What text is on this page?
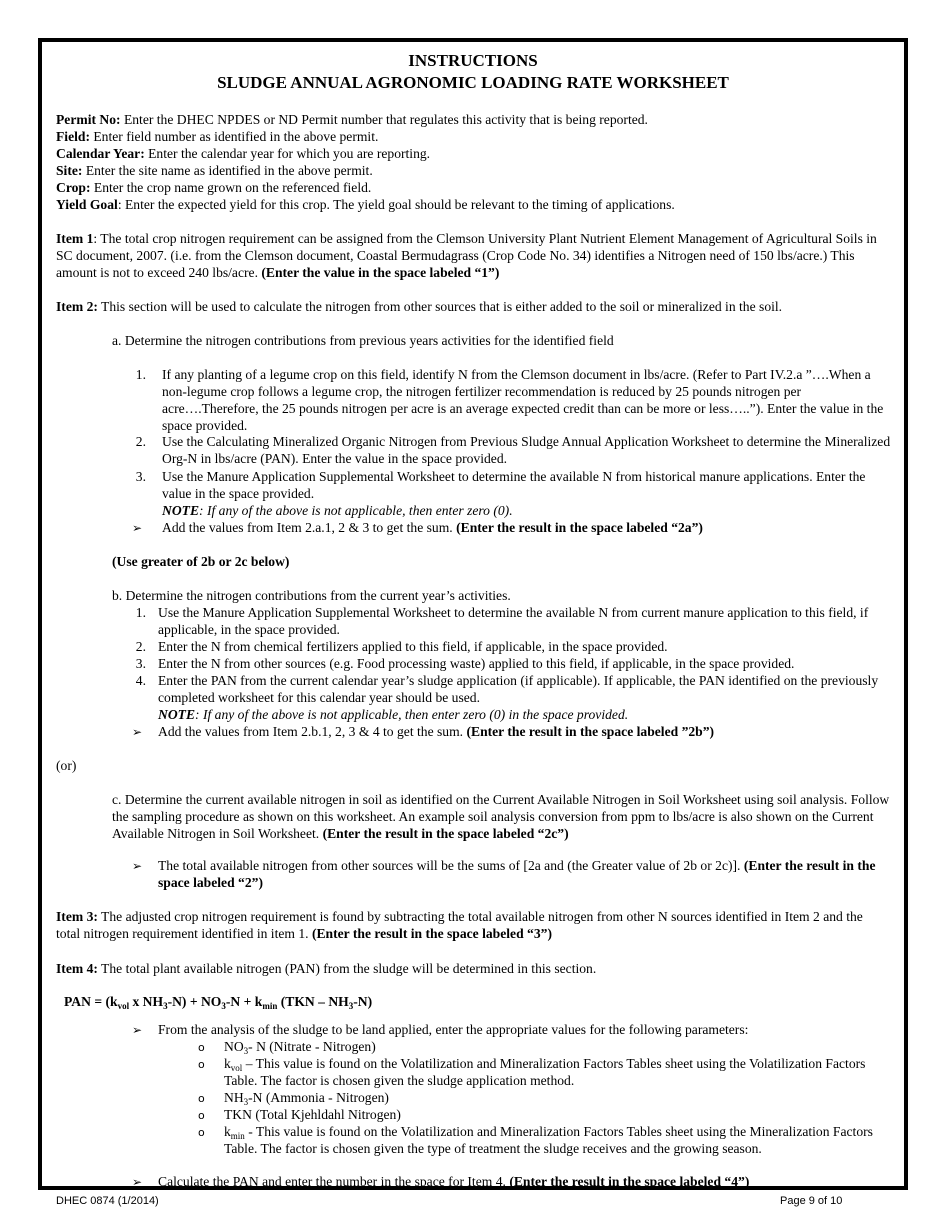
INSTRUCTIONS

SLUDGE ANNUAL AGRONOMIC LOADING RATE WORKSHEET

Permit No: Enter the DHEC NPDES or ND Permit number that regulates this activity that is being reported.

Field: Enter field number as identified in the above permit.

Calendar Year: Enter the calendar year for which you are reporting.

Site: Enter the site name as identified in the above permit.

Crop: Enter the crop name grown on the referenced field.

Yield Goal: Enter the expected yield for this crop. The yield goal should be relevant to the timing of applications.

Item 1: The total crop nitrogen requirement can be assigned from the Clemson University Plant Nutrient Element Management of Agricultural Soils in SC document, 2007. (i.e. from the Clemson document, Coastal Bermudagrass (Crop Code No. 34) identifies a Nitrogen need of 150 lbs/acre.) This amount is not to exceed 240 lbs/acre. (Enter the value in the space labeled “1”)

Item 2: This section will be used to calculate the nitrogen from other sources that is either added to the soil or mineralized in the soil.

a. Determine the nitrogen contributions from previous years activities for the identified field

1. If any planting of a legume crop on this field, identify N from the Clemson document in lbs/acre. (Refer to Part IV.2.a ”….When a non-legume crop follows a legume crop, the nitrogen fertilizer recommendation is reduced by 25 pounds nitrogen per acre….Therefore, the 25 pounds nitrogen per acre is an average expected credit than can be more or less…..”). Enter the value in the space provided.

2. Use the Calculating Mineralized Organic Nitrogen from Previous Sludge Annual Application Worksheet to determine the Mineralized Org-N in lbs/acre (PAN). Enter the value in the space provided.

3. Use the Manure Application Supplemental Worksheet to determine the available N from historical manure applications. Enter the value in the space provided.

NOTE: If any of the above is not applicable, then enter zero (0).

➢ Add the values from Item 2.a.1, 2 & 3 to get the sum. (Enter the result in the space labeled “2a”)

(Use greater of 2b or 2c below)

b. Determine the nitrogen contributions from the current year’s activities.

1. Use the Manure Application Supplemental Worksheet to determine the available N from current manure application to this field, if applicable, in the space provided.

2. Enter the N from chemical fertilizers applied to this field, if applicable, in the space provided.

3. Enter the N from other sources (e.g. Food processing waste) applied to this field, if applicable, in the space provided.

4. Enter the PAN from the current calendar year’s sludge application (if applicable). If applicable, the PAN identified on the previously completed worksheet for this calendar year should be used.

NOTE: If any of the above is not applicable, then enter zero (0) in the space provided.

➢ Add the values from Item 2.b.1, 2, 3 & 4 to get the sum. (Enter the result in the space labeled ”2b”)

(or)

c. Determine the current available nitrogen in soil as identified on the Current Available Nitrogen in Soil Worksheet using soil analysis. Follow the sampling procedure as shown on this worksheet. An example soil analysis conversion from ppm to lbs/acre is also shown on the Current Available Nitrogen in Soil Worksheet. (Enter the result in the space labeled “2c”)

➢ The total available nitrogen from other sources will be the sums of [2a and (the Greater value of 2b or 2c)]. (Enter the result in the space labeled “2”)

Item 3: The adjusted crop nitrogen requirement is found by subtracting the total available nitrogen from other N sources identified in Item 2 and the total nitrogen requirement identified in item 1. (Enter the result in the space labeled “3”)

Item 4: The total plant available nitrogen (PAN) from the sludge will be determined in this section.

PAN = ($k_{vol}$ x $NH_3-N) + NO_3-N + k_{min}$ $(TKN - NH_3-N)$

➢ From the analysis of the sludge to be land applied, enter the appropriate values for the following parameters:

o $NO_3-$ N (Nitrate - Nitrogen)

o $k_{vol}$ – This value is found on the Volatilization and Mineralization Factors Tables sheet using the Volatilization Factors Table. The factor is chosen given the sludge application method.

o $NH_3-N$ (Ammonia - Nitrogen)

o TKN (Total Kjehldahl Nitrogen)

o $k_{min}$ - This value is found on the Volatilization and Mineralization Factors Tables sheet using the Mineralization Factors Table. The factor is chosen given the type of treatment the sludge receives and the growing season.

➢ Calculate the PAN and enter the number in the space for Item 4. (Enter the result in the space labeled “4”)

DHEC 0874 (1/2014)	Page 9 of 10
